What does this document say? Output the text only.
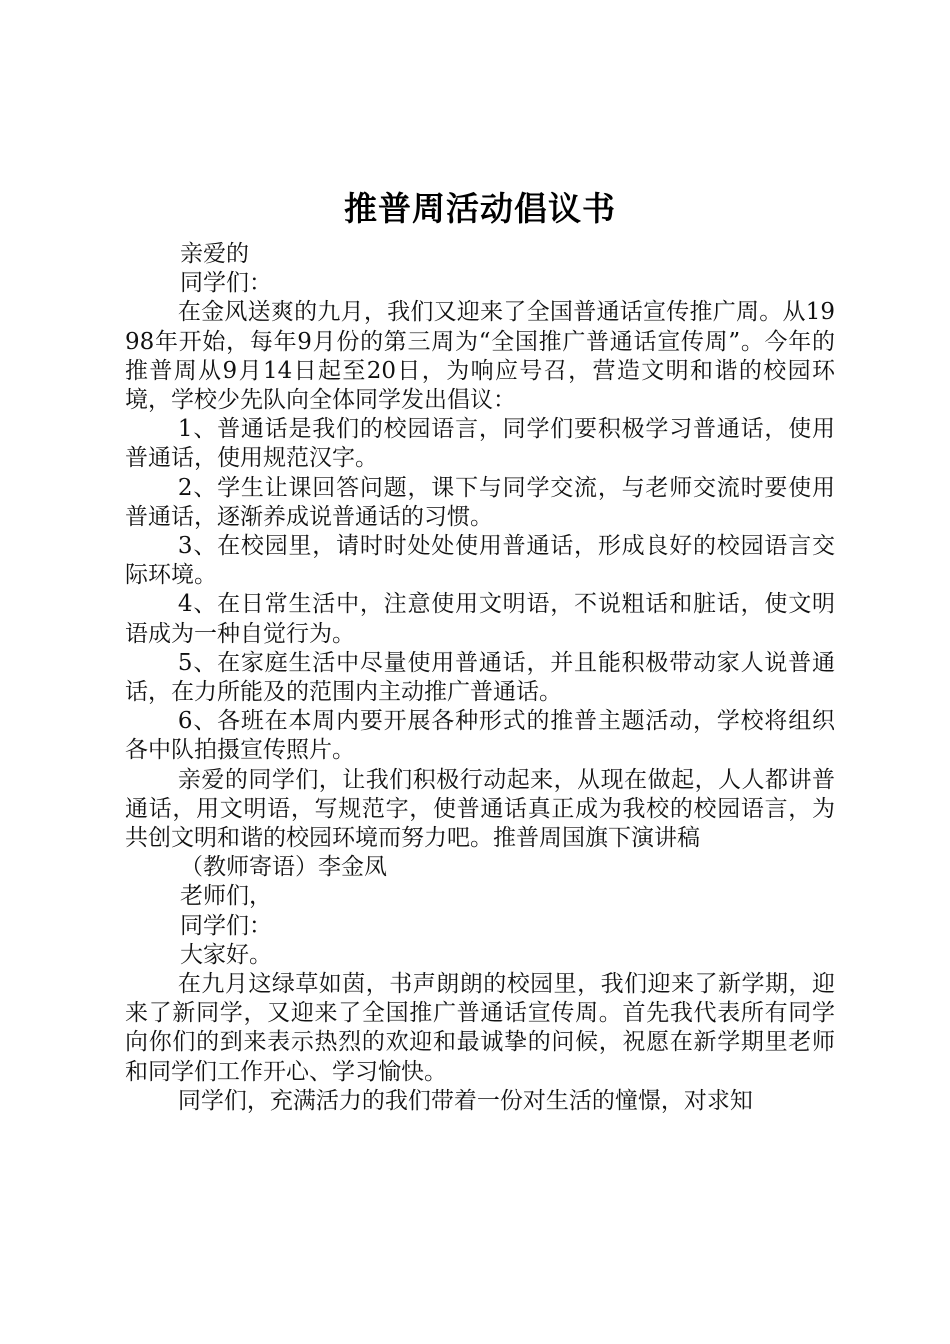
推普周活动倡议书

亲爱的

同学们：

在金风送爽的九月，我们又迎来了全国普通话宣传推广周。从1998年开始，每年9月份的第三周为“全国推广普通话宣传周”。今年的推普周从9月14日起至20日，为响应号召，营造文明和谐的校园环境，学校少先队向全体同学发出倡议：

1、普通话是我们的校园语言，同学们要积极学习普通话，使用普通话，使用规范汉字。

2、学生让课回答问题，课下与同学交流，与老师交流时要使用普通话，逐渐养成说普通话的习惯。

3、在校园里，请时时处处使用普通话，形成良好的校园语言交际环境。

4、在日常生活中，注意使用文明语，不说粗话和脏话，使文明语成为一种自觉行为。

5、在家庭生活中尽量使用普通话，并且能积极带动家人说普通话，在力所能及的范围内主动推广普通话。

6、各班在本周内要开展各种形式的推普主题活动，学校将组织各中队拍摄宣传照片。

亲爱的同学们，让我们积极行动起来，从现在做起，人人都讲普通话，用文明语，写规范字，使普通话真正成为我校的校园语言，为共创文明和谐的校园环境而努力吧。推普周国旗下演讲稿

（教师寄语）李金凤

老师们，

同学们：

大家好。

在九月这绿草如茵，书声朗朗的校园里，我们迎来了新学期，迎来了新同学，又迎来了全国推广普通话宣传周。首先我代表所有同学向你们的到来表示热烈的欢迎和最诚挚的问候，祝愿在新学期里老师和同学们工作开心、学习愉快。

同学们，充满活力的我们带着一份对生活的憧憬，对求知
